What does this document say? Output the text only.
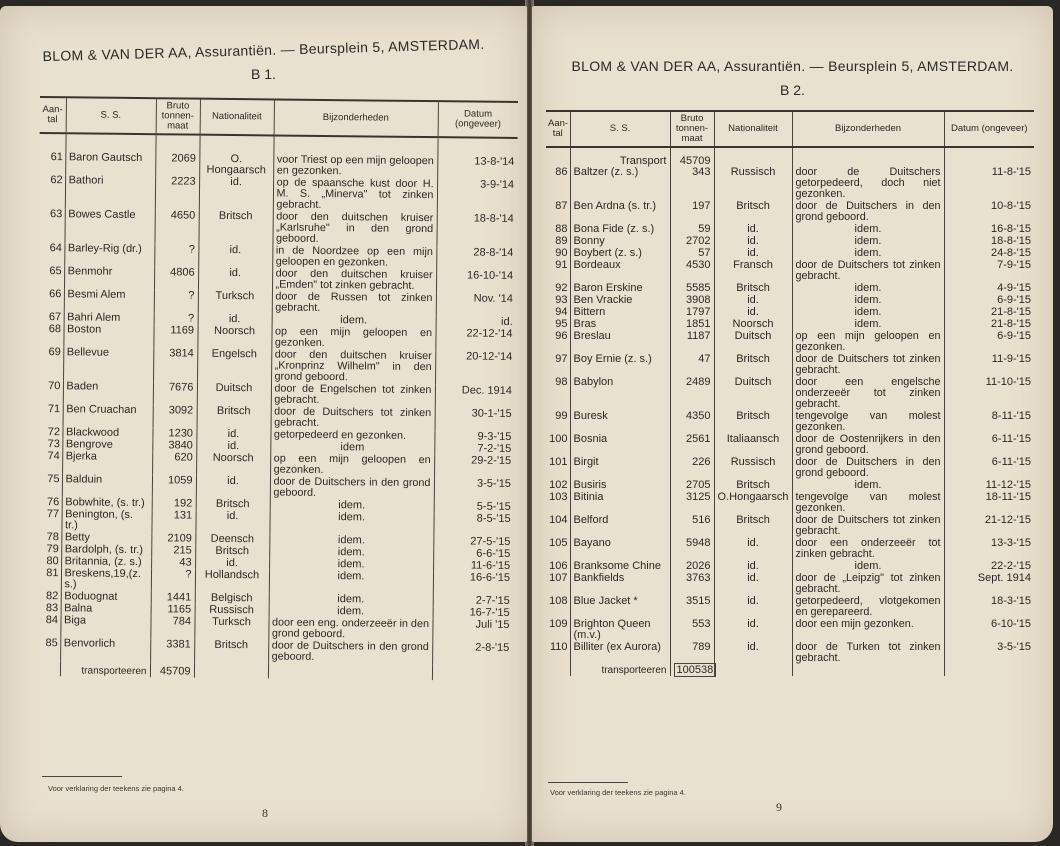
BLOM & VAN DER AA, Assurantiën. — Beursplein 5, AMSTERDAM.
B 1.
Aan- tal	S. S.	Bruto tonnen- maat	Nationaliteit	Bijzonderheden	Datum (ongeveer)

61	Baron Gautsch	2069	O. Hongaarsch	voor Triest op een mijn geloopen en gezonken.	13-8-'14

62	Bathori	2223	id.	op de spaansche kust door H. M. S. „Minerva" tot zinken gebracht.	3-9-'14

63	Bowes Castle	4650	Britsch	door den duitschen kruiser „Karlsruhe" in den grond geboord.	18-8-'14

64	Barley-Rig (dr.)	?	id.	in de Noordzee op een mijn geloopen en gezonken.	28-8-'14

65	Benmohr	4806	id.	door den duitschen kruiser „Emden" tot zinken gebracht.	16-10-'14

66	Besmi Alem	?	Turksch	door de Russen tot zinken gebracht.	Nov. '14

67	Bahri Alem	?	id.	idem.	id.

68	Boston	1169	Noorsch	op een mijn geloopen en gezonken.	22-12-'14

69	Bellevue	3814	Engelsch	door den duitschen kruiser „Kronprinz Wilhelm" in den grond geboord.	20-12-'14

70	Baden	7676	Duitsch	door de Engelschen tot zinken gebracht.	Dec. 1914

71	Ben Cruachan	3092	Britsch	door de Duitschers tot zinken gebracht.	30-1-'15

72	Blackwood	1230	id.	getorpedeerd en gezonken.	9-3-'15

73	Bengrove	3840	id.	idem	7-2-'15

74	Bjerka	620	Noorsch	op een mijn geloopen en gezonken.	29-2-'15

75	Balduin	1059	id.	door de Duitschers in den grond geboord.	3-5-'15

76	Bobwhite, (s. tr.)	192	Britsch	idem.	5-5-'15

77	Benington, (s. tr.)	131	id.	idem.	8-5-'15

78	Betty	2109	Deensch	idem.	27-5-'15

79	Bardolph, (s. tr.)	215	Britsch	idem.	6-6-'15

80	Britannia, (z. s.)	43	id.	idem.	11-6-'15

81	Breskens,19,(z. s.)	?	Hollandsch	idem.	16-6-'15

82	Boduognat	1441	Belgisch	idem.	2-7-'15

83	Balna	1165	Russisch	idem.	16-7-'15

84	Biga	784	Turksch	door een eng. onderzeeër in den grond geboord.	Juli '15

85	Benvorlich	3381	Britsch	door de Duitschers in den grond geboord.	2-8-'15

	transporteeren	45709			
Voor verklaring der teekens zie pagina 4.
8
BLOM & VAN DER AA, Assurantiën. — Beursplein 5, AMSTERDAM.
B 2.
Aan- tal	S. S.	Bruto tonnen- maat	Nationaliteit	Bijzonderheden	Datum (ongeveer)
	Transport	45709			
86	Baltzer (z. s.)	343	Russisch	door de Duitschers getorpedeerd, doch niet gezonken.	11-8-'15

87	Ben Ardna (s. tr.)	197	Britsch	door de Duitschers in den grond geboord.	10-8-'15

88	Bona Fide (z. s.)	59	id.	idem.	16-8-'15

89	Bonny	2702	id.	idem.	18-8-'15

90	Boybert (z. s.)	57	id.	idem.	24-8-'15

91	Bordeaux	4530	Fransch	door de Duitschers tot zinken gebracht.	7-9-'15

92	Baron Erskine	5585	Britsch	idem.	4-9-'15

93	Ben Vrackie	3908	id.	idem.	6-9-'15

94	Bittern	1797	id.	idem.	21-8-'15

95	Bras	1851	Noorsch	idem.	21-8-'15

96	Breslau	1187	Duitsch	op een mijn geloopen en gezonken.	6-9-'15

97	Boy Ernie (z. s.)	47	Britsch	door de Duitschers tot zinken gebracht.	11-9-'15

98	Babylon	2489	Duitsch	door een engelsche onderzeeër tot zinken gebracht.	11-10-'15

99	Buresk	4350	Britsch	tengevolge van molest gezonken.	8-11-'15

100	Bosnia	2561	Italiaansch	door de Oostenrijkers in den grond geboord.	6-11-'15

101	Birgit	226	Russisch	door de Duitschers in den grond geboord.	6-11-'15

102	Busiris	2705	Britsch	idem.	11-12-'15

103	Bitinia	3125	O.Hongaarsch	tengevolge van molest gezonken.	18-11-'15

104	Belford	516	Britsch	door de Duitschers tot zinken gebracht.	21-12-'15

105	Bayano	5948	id.	door een onderzeeër tot zinken gebracht.	13-3-'15

106	Branksome Chine	2026	id.	idem.	22-2-'15

107	Bankfields	3763	id.	door de „Leipzig" tot zinken gebracht.	Sept. 1914

108	Blue Jacket *	3515	id.	getorpedeerd, vlotgekomen en gerepareerd.	18-3-'15

109	Brighton Queen (m.v.)	553	id.	door een mijn gezonken.	6-10-'15

110	Billiter (ex Aurora)	789	id.	door de Turken tot zinken gebracht.	3-5-'15

	transporteeren	100538			
Voor verklaring der teekens zie pagina 4.
9
